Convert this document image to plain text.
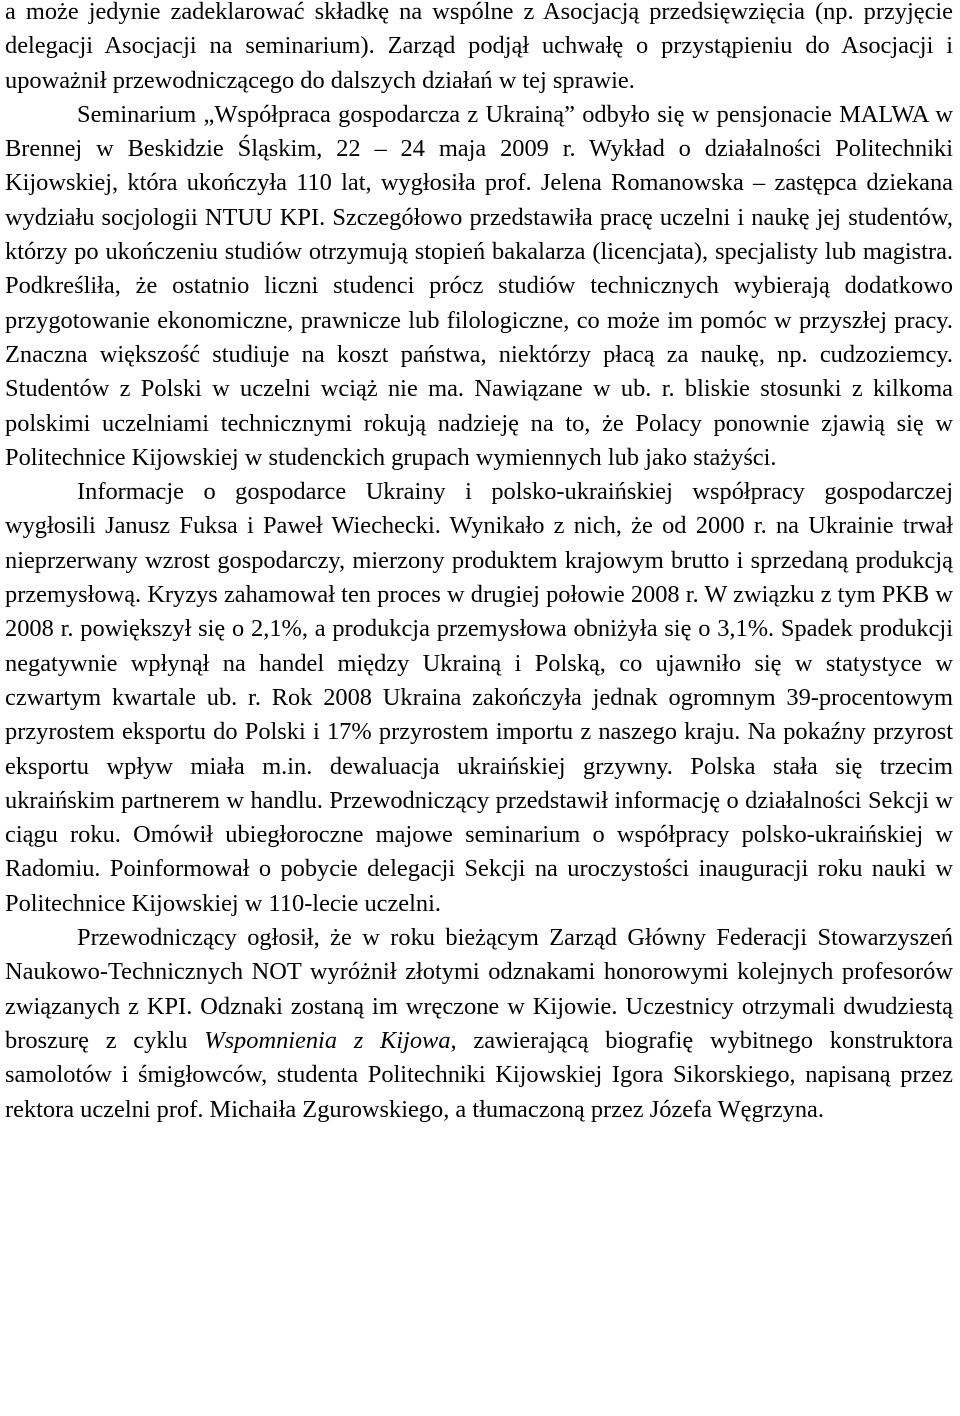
a może jedynie zadeklarować składkę na wspólne z Asocjacją przedsięwzięcia (np. przyjęcie delegacji Asocjacji na seminarium). Zarząd podjął uchwałę o przystąpieniu do Asocjacji i upoważnił przewodniczącego do dalszych działań w tej sprawie.

Seminarium „Współpraca gospodarcza z Ukrainą” odbyło się w pensjonacie MALWA w Brennej w Beskidzie Śląskim, 22 – 24 maja 2009 r. Wykład o działalności Politechniki Kijowskiej, która ukończyła 110 lat, wygłosiła prof. Jelena Romanowska – zastępca dziekana wydziału socjologii NTUU KPI. Szczegółowo przedstawiła pracę uczelni i naukę jej studentów, którzy po ukończeniu studiów otrzymują stopień bakalarza (licencjata), specjalisty lub magistra. Podkreśliła, że ostatnio liczni studenci prócz studiów technicznych wybierają dodatkowo przygotowanie ekonomiczne, prawnicze lub filologiczne, co może im pomóc w przyszłej pracy. Znaczna większość studiuje na koszt państwa, niektórzy płacą za naukę, np. cudzoziemcy. Studentów z Polski w uczelni wciąż nie ma. Nawiązane w ub. r. bliskie stosunki z kilkoma polskimi uczelniami technicznymi rokują nadzieję na to, że Polacy ponownie zjawią się w Politechnice Kijowskiej w studenckich grupach wymiennych lub jako stażyści.

Informacje o gospodarce Ukrainy i polsko-ukraińskiej współpracy gospodarczej wygłosili Janusz Fuksa i Paweł Wiechecki. Wynikało z nich, że od 2000 r. na Ukrainie trwał nieprzerwany wzrost gospodarczy, mierzony produktem krajowym brutto i sprzedaną produkcją przemysłową. Kryzys zahamował ten proces w drugiej połowie 2008 r. W związku z tym PKB w 2008 r. powiększył się o 2,1%, a produkcja przemysłowa obniżyła się o 3,1%. Spadek produkcji negatywnie wpłynął na handel między Ukrainą i Polską, co ujawniło się w statystyce w czwartym kwartale ub. r. Rok 2008 Ukraina zakończyła jednak ogromnym 39-procentowym przyrostem eksportu do Polski i 17% przyrostem importu z naszego kraju. Na pokaźny przyrost eksportu wpływ miała m.in. dewaluacja ukraińskiej grzywny. Polska stała się trzecim ukraińskim partnerem w handlu. Przewodniczący przedstawił informację o działalności Sekcji w ciągu roku. Omówił ubiegłoroczne majowe seminarium o współpracy polsko-ukraińskiej w Radomiu. Poinformował o pobycie delegacji Sekcji na uroczystości inauguracji roku nauki w Politechnice Kijowskiej w 110-lecie uczelni.

Przewodniczący ogłosił, że w roku bieżącym Zarząd Główny Federacji Stowarzyszeń Naukowo-Technicznych NOT wyróżnił złotymi odznakami honorowymi kolejnych profesorów związanych z KPI. Odznaki zostaną im wręczone w Kijowie. Uczestnicy otrzymali dwudziestą broszurę z cyklu Wspomnienia z Kijowa, zawierającą biografię wybitnego konstruktora samolotów i śmigłowców, studenta Politechniki Kijowskiej Igora Sikorskiego, napisaną przez rektora uczelni prof. Michaiła Zgurowskiego, a tłumaczoną przez Józefa Węgrzyna.
